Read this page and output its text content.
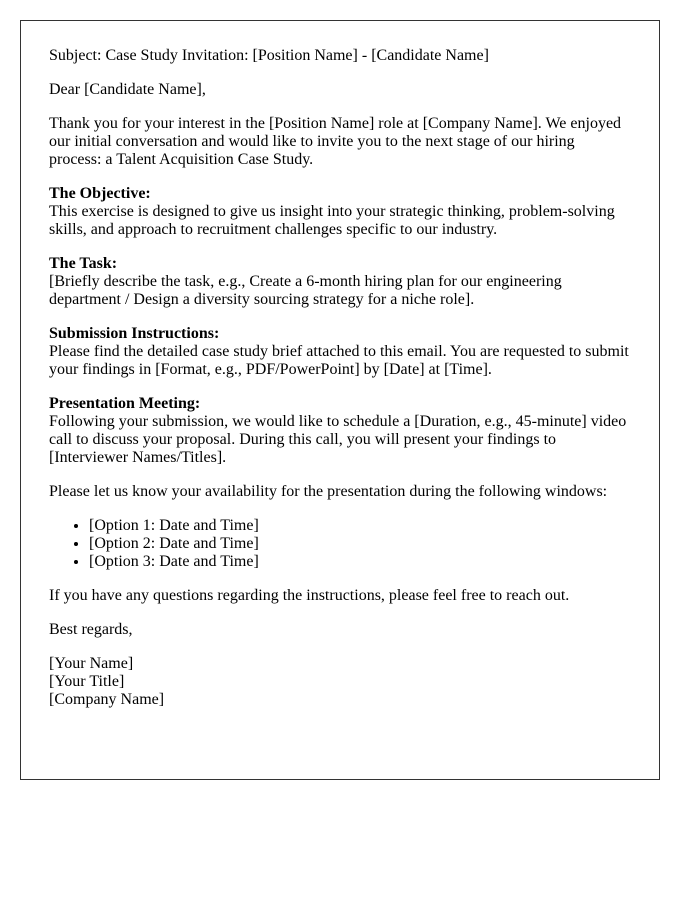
Subject: Case Study Invitation: [Position Name] - [Candidate Name]

Dear [Candidate Name],

Thank you for your interest in the [Position Name] role at [Company Name]. We enjoyed our initial conversation and would like to invite you to the next stage of our hiring process: a Talent Acquisition Case Study.

The Objective:
This exercise is designed to give us insight into your strategic thinking, problem-solving skills, and approach to recruitment challenges specific to our industry.

The Task:
[Briefly describe the task, e.g., Create a 6-month hiring plan for our engineering department / Design a diversity sourcing strategy for a niche role].

Submission Instructions:
Please find the detailed case study brief attached to this email. You are requested to submit your findings in [Format, e.g., PDF/PowerPoint] by [Date] at [Time].

Presentation Meeting:
Following your submission, we would like to schedule a [Duration, e.g., 45-minute] video call to discuss your proposal. During this call, you will present your findings to [Interviewer Names/Titles].

Please let us know your availability for the presentation during the following windows:

• [Option 1: Date and Time]
• [Option 2: Date and Time]
• [Option 3: Date and Time]

If you have any questions regarding the instructions, please feel free to reach out.

Best regards,

[Your Name]
[Your Title]
[Company Name]
